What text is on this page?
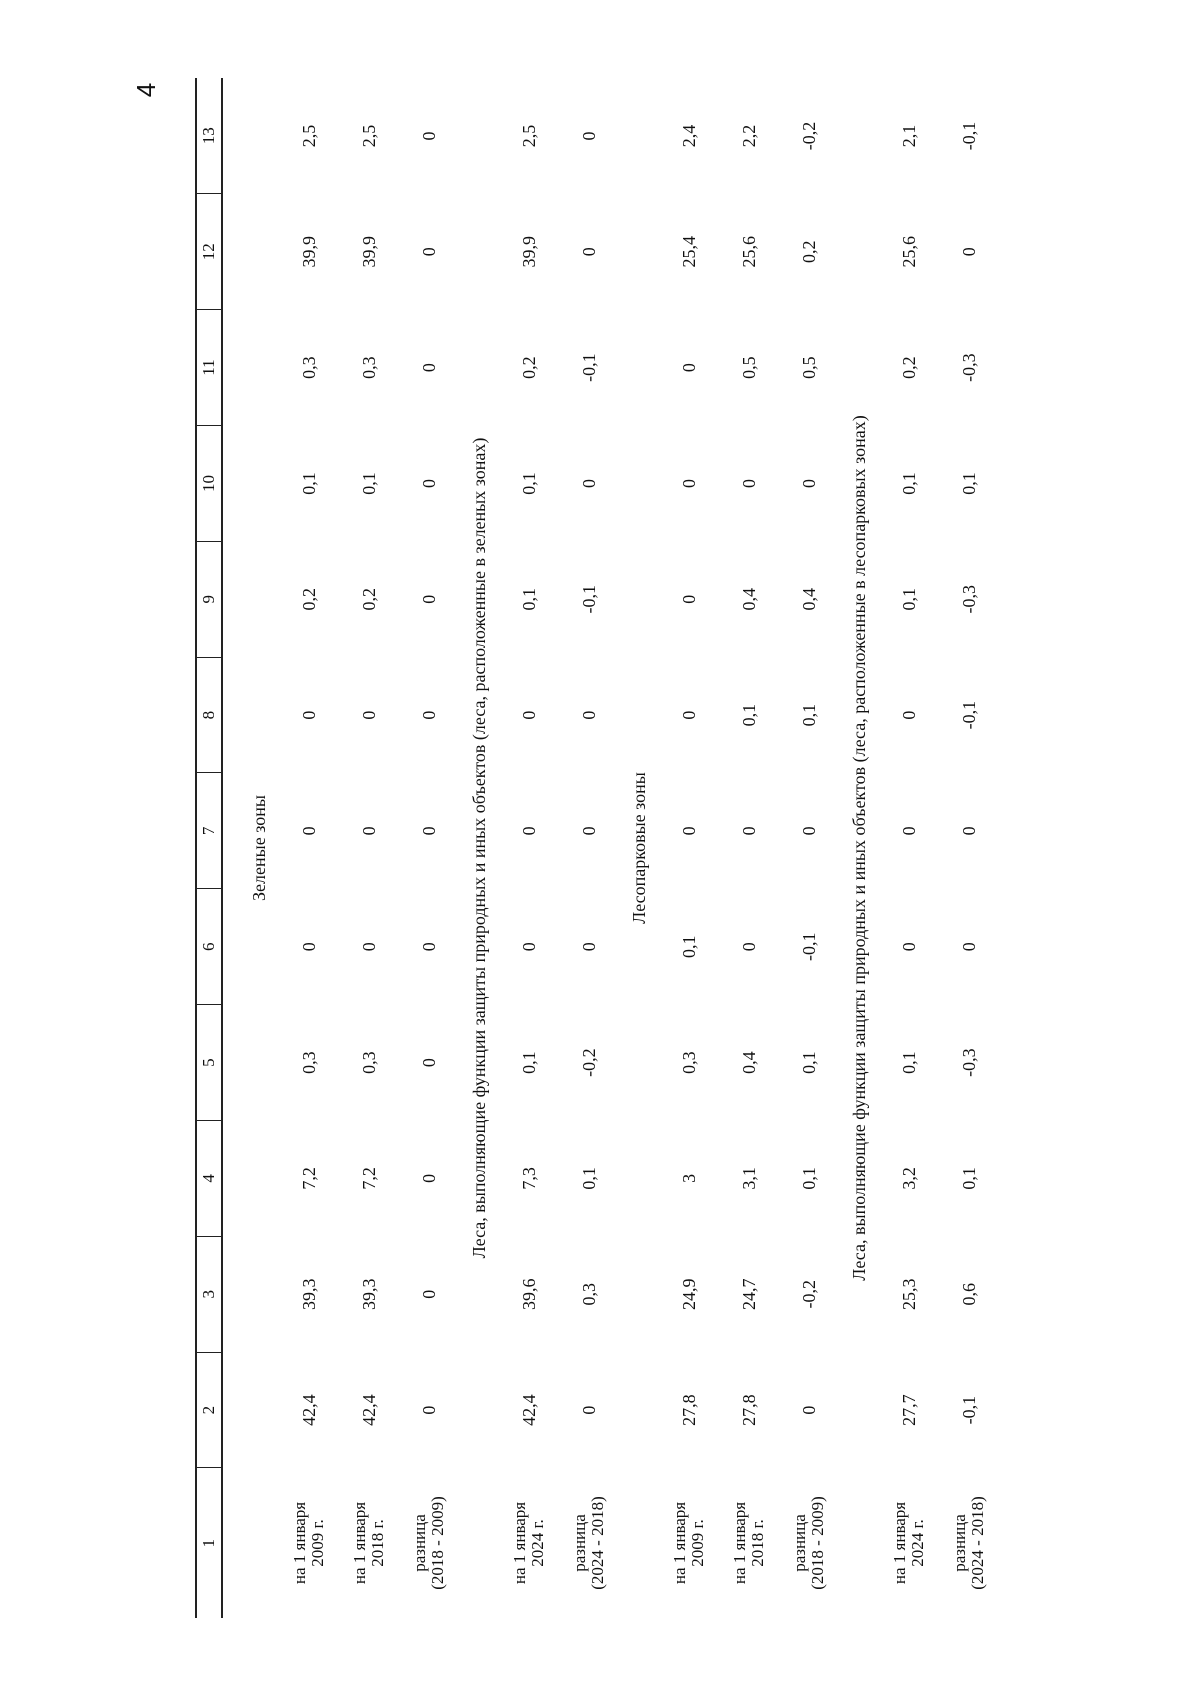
4
1	2	3	4	5	6	7	8	9	10	11	12	13

Зеленые зоны												

на 1 января 2009 г.	42,4	39,3	7,2	0,3	0	0	0	0,2	0,1	0,3	39,9	2,5

на 1 января 2018 г.	42,4	39,3	7,2	0,3	0	0	0	0,2	0,1	0,3	39,9	2,5

разница (2018 - 2009)	0	0	0	0	0	0	0	0	0	0	0	0
Леса, выполняющие функции защиты природных и иных объектов (леса, расположенные в зеленых зонах)												

на 1 января 2024 г.	42,4	39,6	7,3	0,1	0	0	0	0,1	0,1	0,2	39,9	2,5

разница (2024 - 2018)	0	0,3	0,1	-0,2	0	0	0	-0,1	0	-0,1	0	0
Лесопарковые зоны												

на 1 января 2009 г.	27,8	24,9	3	0,3	0,1	0	0	0	0	0	25,4	2,4

на 1 января 2018 г.	27,8	24,7	3,1	0,4	0	0	0,1	0,4	0	0,5	25,6	2,2

разница (2018 - 2009)	0	-0,2	0,1	0,1	-0,1	0	0,1	0,4	0	0,5	0,2	-0,2
Леса, выполняющие функции защиты природных и иных объектов (леса, расположенные в лесопарковых зонах)												

на 1 января 2024 г.	27,7	25,3	3,2	0,1	0	0	0	0,1	0,1	0,2	25,6	2,1

разница (2024 - 2018)	-0,1	0,6	0,1	-0,3	0	0	-0,1	-0,3	0,1	-0,3	0	-0,1
